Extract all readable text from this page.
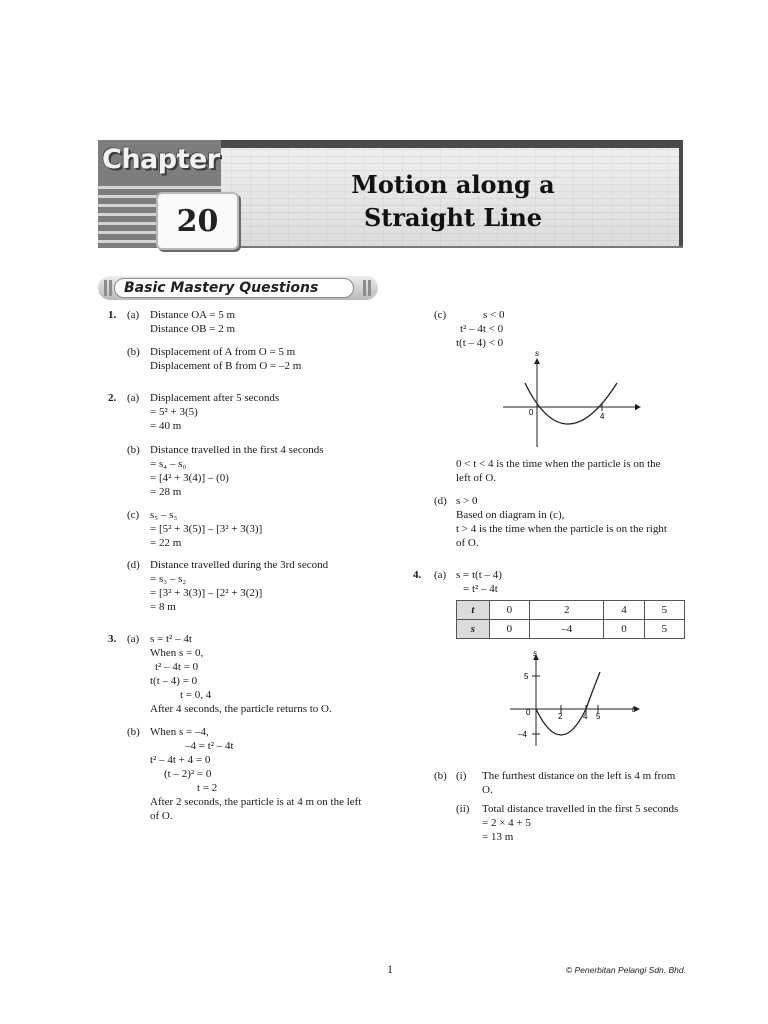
Chapter
20
Motion along a
Straight Line
Basic Mastery Questions
1. (a) Distance OA = 5 m
Distance OB = 2 m
(b) Displacement of A from O = 5 m
Displacement of B from O = –2 m
2. (a) Displacement after 5 seconds
= 5² + 3(5)
= 40 m
(b) Distance travelled in the first 4 seconds
= s₄ – s₀
= [4² + 3(4)] – (0)
= 28 m
(c) s₅ – s₃
= [5² + 3(5)] – [3² + 3(3)]
= 22 m
(d) Distance travelled during the 3rd second
= s₃ – s₂
= [3² + 3(3)] – [2² + 3(2)]
= 8 m
3. (a) s = t² – 4t
When s = 0,
t² – 4t = 0
t(t – 4) = 0
t = 0, 4
After 4 seconds, the particle returns to O.
(b) When s = –4,
–4 = t² – 4t
t² – 4t + 4 = 0
(t – 2)² = 0
t = 2
After 2 seconds, the particle is at 4 m on the left
of O.
(c)	s < 0
t² – 4t < 0
t(t – 4) < 0
s
t
0	4
0 < t < 4 is the time when the particle is on the
left of O.
(d) s > 0
Based on diagram in (c),
t > 4 is the time when the particle is on the right
of O.
4. (a) s = t(t – 4)
= t² – 4t
t	0	2	4	5
s	0	–4	0	5
s
t
0	2	4 5
5
–4
(b) (i) The furthest distance on the left is 4 m from
O.
(ii) Total distance travelled in the first 5 seconds
= 2 × 4 + 5
= 13 m
1	© Penerbitan Pelangi Sdn. Bhd.
